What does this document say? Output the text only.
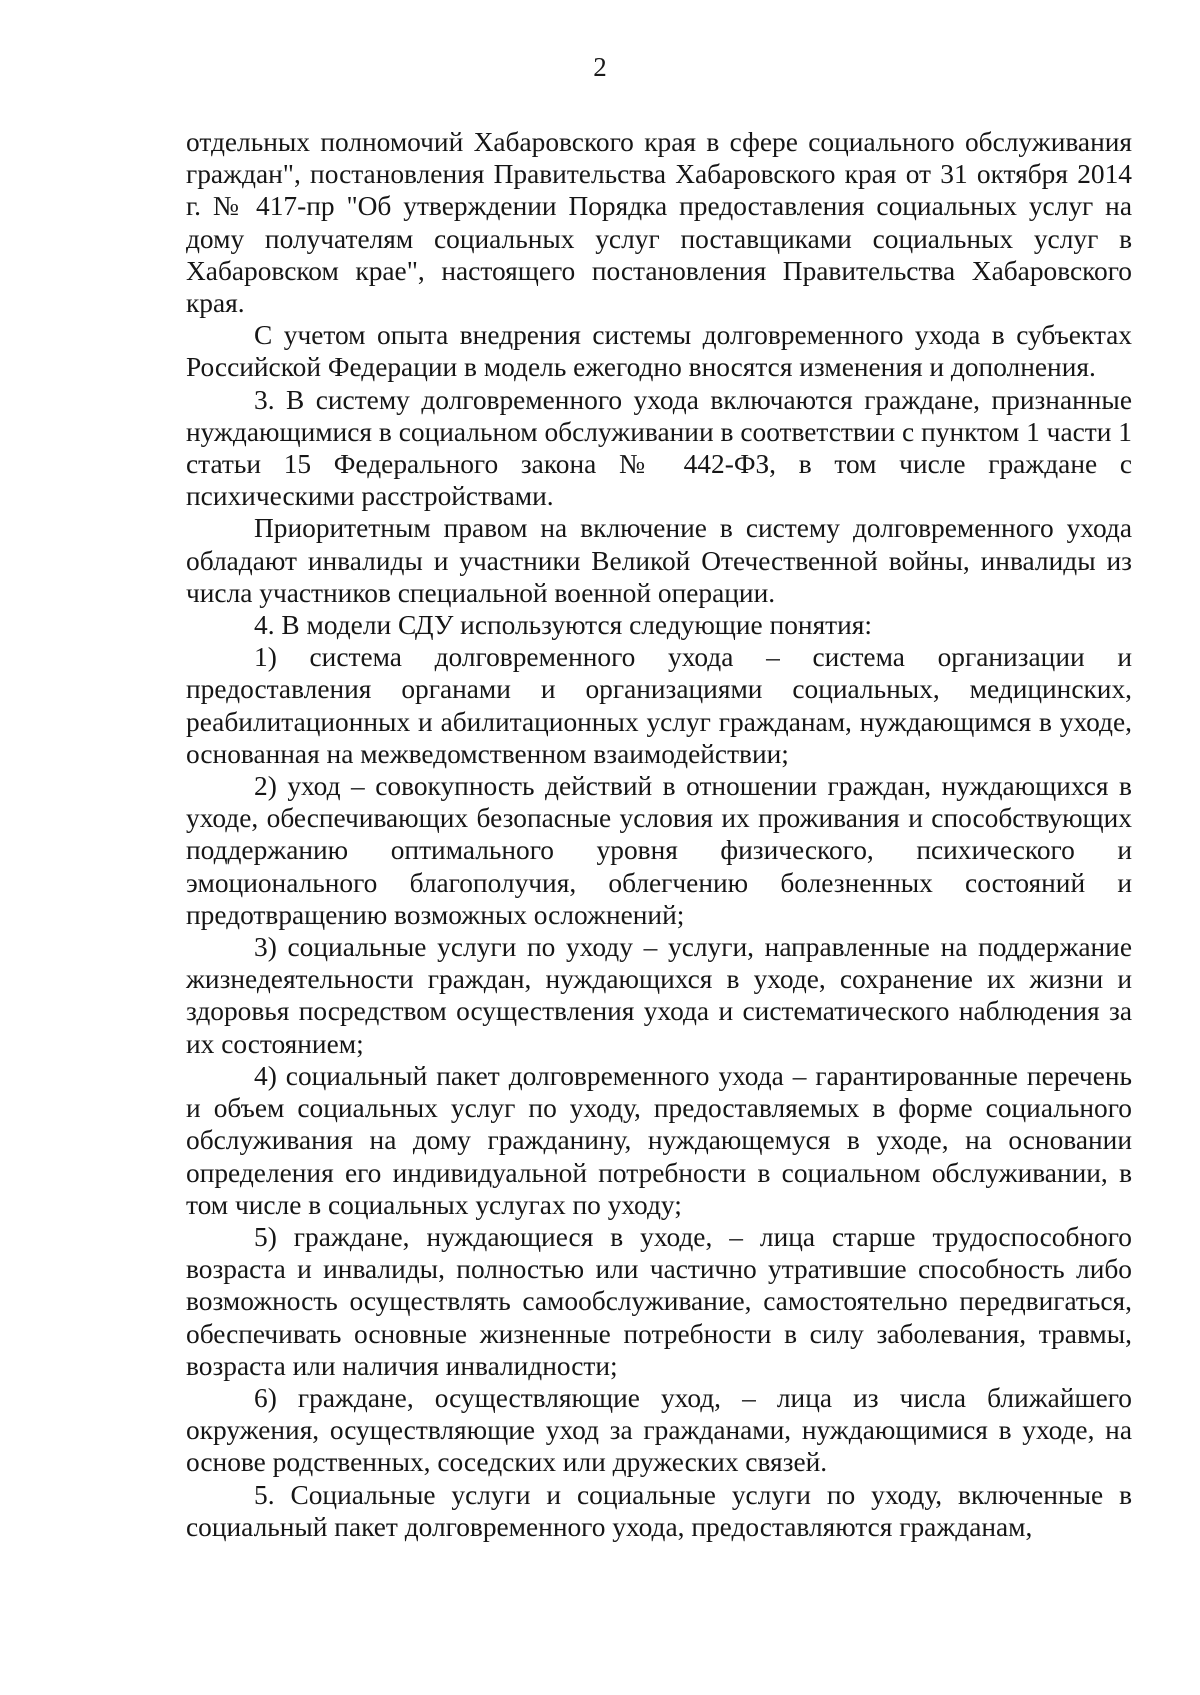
2

отдельных полномочий Хабаровского края в сфере социального обслуживания граждан", постановления Правительства Хабаровского края от 31 октября 2014 г. № 417-пр "Об утверждении Порядка предоставления социальных услуг на дому получателям социальных услуг поставщиками социальных услуг в Хабаровском крае", настоящего постановления Правительства Хабаровского края.

С учетом опыта внедрения системы долговременного ухода в субъектах Российской Федерации в модель ежегодно вносятся изменения и дополнения.

3. В систему долговременного ухода включаются граждане, признанные нуждающимися в социальном обслуживании в соответствии с пунктом 1 части 1 статьи 15 Федерального закона № 442-ФЗ, в том числе граждане с психическими расстройствами.

Приоритетным правом на включение в систему долговременного ухода обладают инвалиды и участники Великой Отечественной войны, инвалиды из числа участников специальной военной операции.

4. В модели СДУ используются следующие понятия:

1) система долговременного ухода – система организации и предоставления органами и организациями социальных, медицинских, реабилитационных и абилитационных услуг гражданам, нуждающимся в уходе, основанная на межведомственном взаимодействии;

2) уход – совокупность действий в отношении граждан, нуждающихся в уходе, обеспечивающих безопасные условия их проживания и способствующих поддержанию оптимального уровня физического, психического и эмоционального благополучия, облегчению болезненных состояний и предотвращению возможных осложнений;

3) социальные услуги по уходу – услуги, направленные на поддержание жизнедеятельности граждан, нуждающихся в уходе, сохранение их жизни и здоровья посредством осуществления ухода и систематического наблюдения за их состоянием;

4) социальный пакет долговременного ухода – гарантированные перечень и объем социальных услуг по уходу, предоставляемых в форме социального обслуживания на дому гражданину, нуждающемуся в уходе, на основании определения его индивидуальной потребности в социальном обслуживании, в том числе в социальных услугах по уходу;

5) граждане, нуждающиеся в уходе, – лица старше трудоспособного возраста и инвалиды, полностью или частично утратившие способность либо возможность осуществлять самообслуживание, самостоятельно передвигаться, обеспечивать основные жизненные потребности в силу заболевания, травмы, возраста или наличия инвалидности;

6) граждане, осуществляющие уход, – лица из числа ближайшего окружения, осуществляющие уход за гражданами, нуждающимися в уходе, на основе родственных, соседских или дружеских связей.

5. Социальные услуги и социальные услуги по уходу, включенные в социальный пакет долговременного ухода, предоставляются гражданам,
